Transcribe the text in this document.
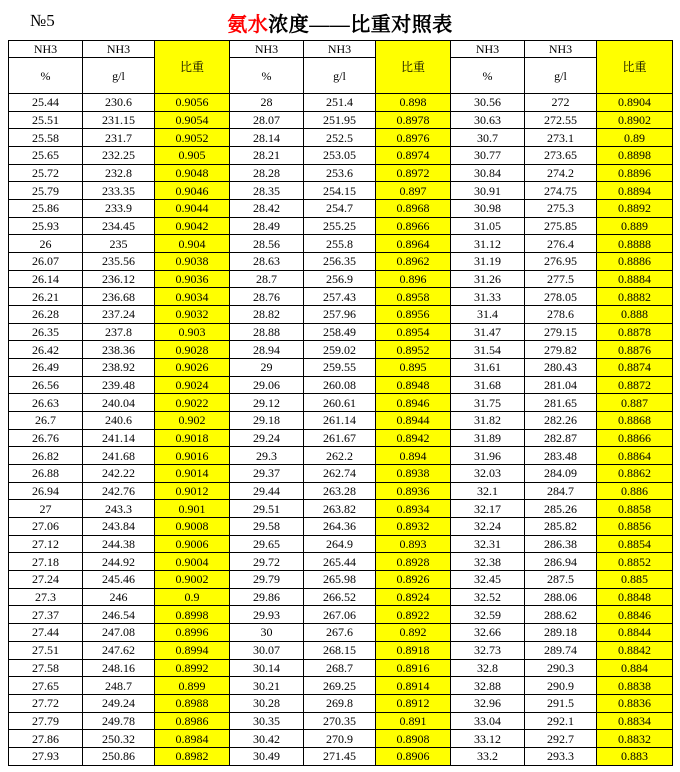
№5	氨水浓度——比重对照表
NH3	NH3	比重	NH3	NH3	比重	NH3	NH3	比重
%	g/l		%	g/l		%	g/l	
25.44	230.6	0.9056	28	251.4	0.898	30.56	272	0.8904
25.51	231.15	0.9054	28.07	251.95	0.8978	30.63	272.55	0.8902
25.58	231.7	0.9052	28.14	252.5	0.8976	30.7	273.1	0.89
25.65	232.25	0.905	28.21	253.05	0.8974	30.77	273.65	0.8898
25.72	232.8	0.9048	28.28	253.6	0.8972	30.84	274.2	0.8896
25.79	233.35	0.9046	28.35	254.15	0.897	30.91	274.75	0.8894
25.86	233.9	0.9044	28.42	254.7	0.8968	30.98	275.3	0.8892
25.93	234.45	0.9042	28.49	255.25	0.8966	31.05	275.85	0.889
26	235	0.904	28.56	255.8	0.8964	31.12	276.4	0.8888
26.07	235.56	0.9038	28.63	256.35	0.8962	31.19	276.95	0.8886
26.14	236.12	0.9036	28.7	256.9	0.896	31.26	277.5	0.8884
26.21	236.68	0.9034	28.76	257.43	0.8958	31.33	278.05	0.8882
26.28	237.24	0.9032	28.82	257.96	0.8956	31.4	278.6	0.888
26.35	237.8	0.903	28.88	258.49	0.8954	31.47	279.15	0.8878
26.42	238.36	0.9028	28.94	259.02	0.8952	31.54	279.82	0.8876
26.49	238.92	0.9026	29	259.55	0.895	31.61	280.43	0.8874
26.56	239.48	0.9024	29.06	260.08	0.8948	31.68	281.04	0.8872
26.63	240.04	0.9022	29.12	260.61	0.8946	31.75	281.65	0.887
26.7	240.6	0.902	29.18	261.14	0.8944	31.82	282.26	0.8868
26.76	241.14	0.9018	29.24	261.67	0.8942	31.89	282.87	0.8866
26.82	241.68	0.9016	29.3	262.2	0.894	31.96	283.48	0.8864
26.88	242.22	0.9014	29.37	262.74	0.8938	32.03	284.09	0.8862
26.94	242.76	0.9012	29.44	263.28	0.8936	32.1	284.7	0.886
27	243.3	0.901	29.51	263.82	0.8934	32.17	285.26	0.8858
27.06	243.84	0.9008	29.58	264.36	0.8932	32.24	285.82	0.8856
27.12	244.38	0.9006	29.65	264.9	0.893	32.31	286.38	0.8854
27.18	244.92	0.9004	29.72	265.44	0.8928	32.38	286.94	0.8852
27.24	245.46	0.9002	29.79	265.98	0.8926	32.45	287.5	0.885
27.3	246	0.9	29.86	266.52	0.8924	32.52	288.06	0.8848
27.37	246.54	0.8998	29.93	267.06	0.8922	32.59	288.62	0.8846
27.44	247.08	0.8996	30	267.6	0.892	32.66	289.18	0.8844
27.51	247.62	0.8994	30.07	268.15	0.8918	32.73	289.74	0.8842
27.58	248.16	0.8992	30.14	268.7	0.8916	32.8	290.3	0.884
27.65	248.7	0.899	30.21	269.25	0.8914	32.88	290.9	0.8838
27.72	249.24	0.8988	30.28	269.8	0.8912	32.96	291.5	0.8836
27.79	249.78	0.8986	30.35	270.35	0.891	33.04	292.1	0.8834
27.86	250.32	0.8984	30.42	270.9	0.8908	33.12	292.7	0.8832
27.93	250.86	0.8982	30.49	271.45	0.8906	33.2	293.3	0.883
